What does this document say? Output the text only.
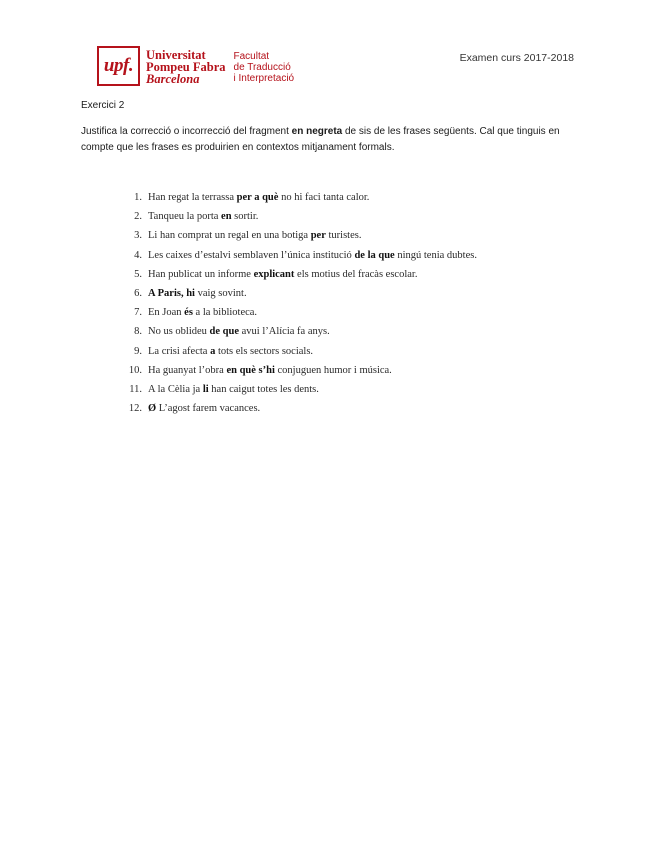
upf.	Universitat
Pompeu Fabra
Barcelona
Facultat
de Traducció
i Interpretació
Examen curs 2017-2018
Exercici 2
Justifica la correcció o incorrecció del fragment en negreta de sis de les frases següents. Cal que tinguis en compte que les frases es produirien en contextos mitjanament formals.
1. Han regat la terrassa per a què no hi faci tanta calor.
2. Tanqueu la porta en sortir.
3. Li han comprat un regal en una botiga per turistes.
4. Les caixes d’estalvi semblaven l’única institució de la que ningú tenia dubtes.
5. Han publicat un informe explicant els motius del fracàs escolar.
6. A Paris, hi vaig sovint.
7. En Joan és a la biblioteca.
8. No us oblideu de que avui l’Alícia fa anys.
9. La crisi afecta a tots els sectors socials.
10. Ha guanyat l’obra en què s’hi conjuguen humor i música.
11. A la Cèlia ja li han caigut totes les dents.
12. Ø L’agost farem vacances.
